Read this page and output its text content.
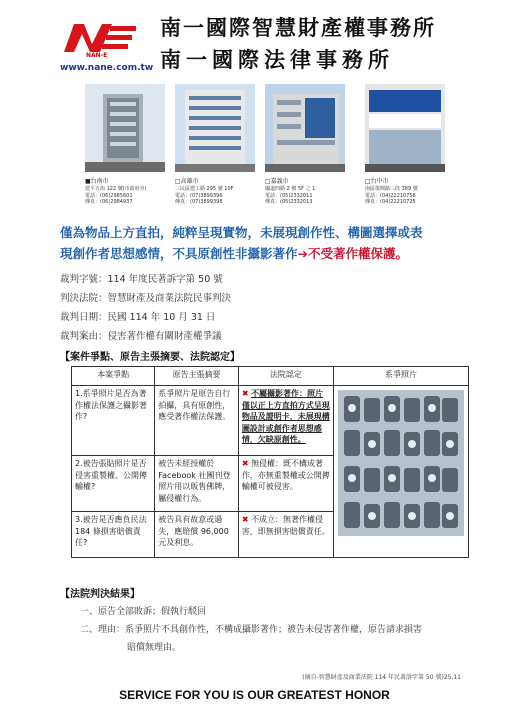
NAN-E
www.nane.com.tw
南一國際智慧財產權事務所
南一國際法律事務所
■台南市
建平五街 122 號(市政府旁)
電話：(06)2985601
傳真：(06)2984937
□高雄市
三民區建工路 295 號 10F
電話：(07)3899396
傳真：(07)3899398
□嘉義市
國道四路 2 號 5F 之 1
電話：(05)2332011
傳真：(05)2332013
□台中市
南區復興路三段 389 號
電話：(04)22210758
傳真：(04)22210725
僅為物品上方直拍，純粹呈現實物，未展現創作性、構圖選擇或表
現創作者思想感情，不具原創性非攝影著作➔不受著作權保護。
裁判字號：114 年度民著訴字第 50 號
判決法院：智慧財產及商業法院民事判決
裁判日期：民國 114 年 10 月 31 日
裁判案由：侵害著作權有關財產權爭議
【案件爭點、原告主張摘要、法院認定】
本案爭點	原告主張摘要	法院認定	系爭照片
1.系爭照片是否為著作權法保護之攝影著作?	系爭照片是原告自行拍攝，具有原創性，應受著作權法保護。	✖ 不屬攝影著作：照片僅以正上方直拍方式呈現物品及證明卡，未展現構圖設計或創作者思想感情，欠缺原創性。	
2.被告張貼照片是否侵害重製權、公開傳輸權?	被告未經授權於 Facebook 社團刊登照片用以販售佛牌，屬侵權行為。	✖ 無侵權：既不構成著作，亦無重製權或公開傳輸權可被侵害。	
3.被告是否應負民法 184 條損害賠償責任?	被告具有故意或過失，應賠償 96,000 元及利息。	✖ 不成立：無著作權侵害，即無損害賠償責任。	
【法院判決結果】
一、原告全部敗訴；假執行駁回
二、理由：系爭照片不具創作性，不構成攝影著作；被告未侵害著作權，原告請求損害
賠償無理由。
(摘自-智慧財產及商業法院 114 年民著訴字第 50 號)25.11
SERVICE FOR YOU IS OUR GREATEST HONOR
